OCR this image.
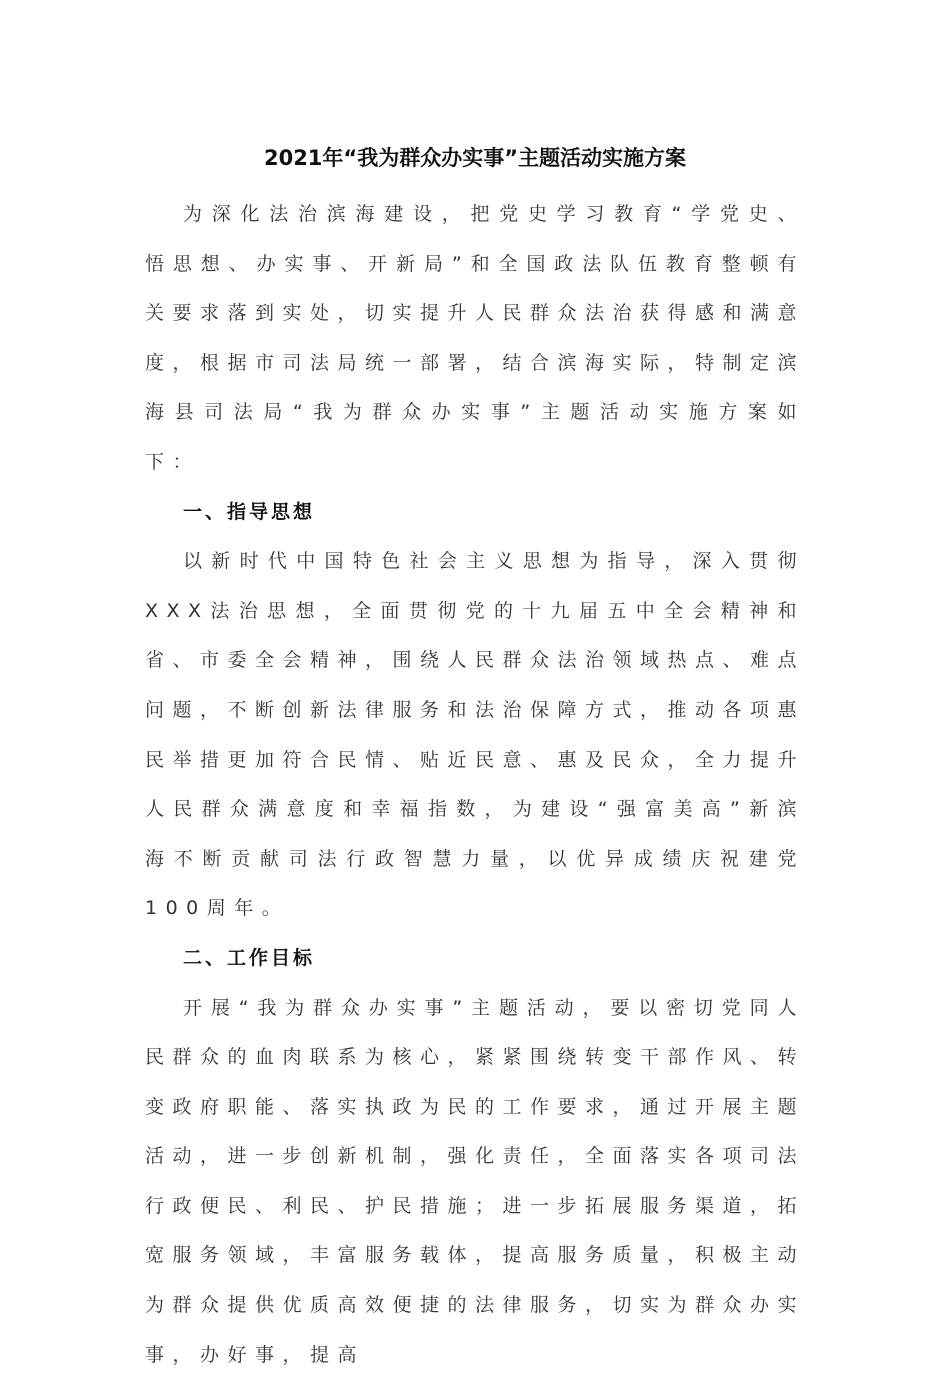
2021年“我为群众办实事”主题活动实施方案

为深化法治滨海建设，把党史学习教育“学党史、悟思想、办实事、开新局”和全国政法队伍教育整顿有关要求落到实处，切实提升人民群众法治获得感和满意度，根据市司法局统一部署，结合滨海实际，特制定滨海县司法局“我为群众办实事”主题活动实施方案如下：

一、指导思想

以新时代中国特色社会主义思想为指导，深入贯彻XXX法治思想，全面贯彻党的十九届五中全会精神和省、市委全会精神，围绕人民群众法治领域热点、难点问题，不断创新法律服务和法治保障方式，推动各项惠民举措更加符合民情、贴近民意、惠及民众，全力提升人民群众满意度和幸福指数，为建设“强富美高”新滨海不断贡献司法行政智慧力量，以优异成绩庆祝建党100周年。

二、工作目标

开展“我为群众办实事”主题活动，要以密切党同人民群众的血肉联系为核心，紧紧围绕转变干部作风、转变政府职能、落实执政为民的工作要求，通过开展主题活动，进一步创新机制，强化责任，全面落实各项司法行政便民、利民、护民措施；进一步拓展服务渠道，拓宽服务领域，丰富服务载体，提高服务质量，积极主动为群众提供优质高效便捷的法律服务，切实为群众办实事，办好事，提高
